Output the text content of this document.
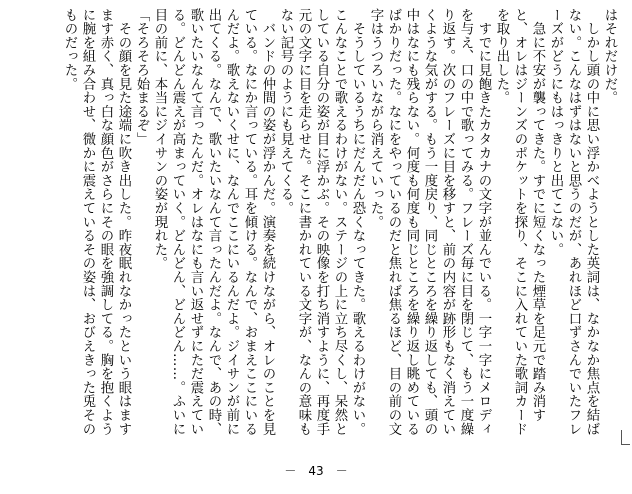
はそれだけだ。

　しかし頭の中に思い浮かべようとした英詞は、なかなか焦点を結ばない。こんなはずはないと思うのだが、あれほど口ずさんでいたフレーズがどうにもはっきりと出てこない。

　急に不安が襲ってきた。すでに短くなった煙草を足元で踏み消すと、オレはジーンズのポケットを探り、そこに入れていた歌詞カードを取り出した。

　すでに見飽きたカタカナの文字が並んでいる。一字一字にメロディを与え、口の中で歌ってみる。フレーズ毎に目を閉じて、もう一度繰り返す。次のフレーズに目を移すと、前の内容が跡形もなく消えていくような気がする。もう一度戻り、同じところを繰り返しても、頭の中はなにも残らない。何度も何度も同じところを繰り返し眺めているばかりだった。なにをやっているのだと焦れば焦るほど、目の前の文字はうつろいながら消えていった。

　そうしているうちにだんだん恐くなってきた。歌えるわけがない。こんなことで歌えるわけがない。ステージの上に立ち尽くし、呆然としている自分の姿が目に浮かぶ。その映像を打ち消すように、再度手元の文字に目を走らせた。そこに書かれている文字が、なんの意味もない記号のようにも見えてくる。

　バンドの仲間の姿が浮かんだ。演奏を続けながら、オレのことを見ている。なにか言っている。耳を傾ける。なんで、おまえここにいるんだよ。歌えないくせに、なんでここにいるんだよ。ジイサンが前に出てくる。なんで、歌いたいなんて言ったんだよ。なんで、あの時、歌いたいなんて言ったんだ。オレはなにも言い返せずにただ震えている。どんどん震えが高まっていく。どんどん、どんどん……。ふいに目の前に、本当にジイサンの姿が現れた。

「そろそろ始まるぞ」

　その顔を見た途端に吹き出した。昨夜眠れなかったという眼はますます赤く、真っ白な顔色がさらにその眼を強調してる。胸を抱くように腕を組み合わせ、微かに震えているその姿は、おびえきった兎そのものだった。

－　43　－
